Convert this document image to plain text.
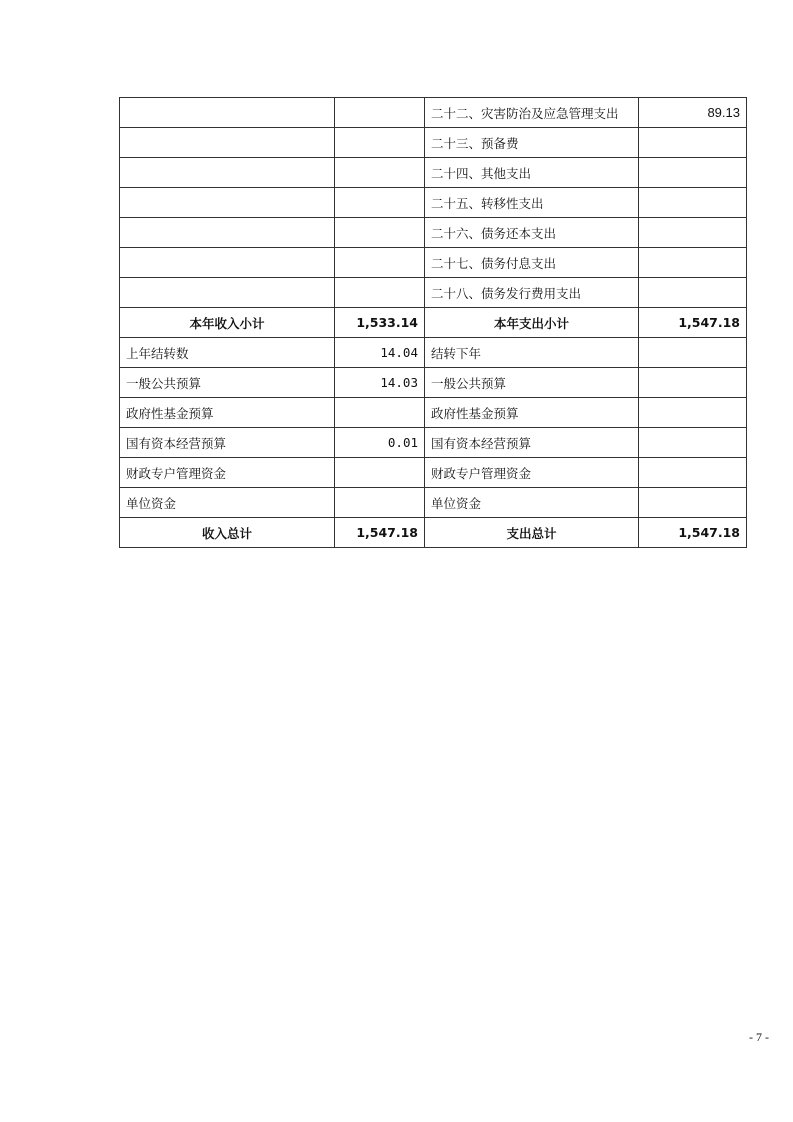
		二十二、灾害防治及应急管理支出	89.13
		二十三、预备费	
		二十四、其他支出	
		二十五、转移性支出	
		二十六、债务还本支出	
		二十七、债务付息支出	
		二十八、债务发行费用支出	
本年收入小计	1,533.14	本年支出小计	1,547.18
上年结转数	14.04	结转下年	
一般公共预算	14.03	一般公共预算	
政府性基金预算		政府性基金预算	
国有资本经营预算	0.01	国有资本经营预算	
财政专户管理资金		财政专户管理资金	
单位资金		单位资金	
收入总计	1,547.18	支出总计	1,547.18
- 7 -
